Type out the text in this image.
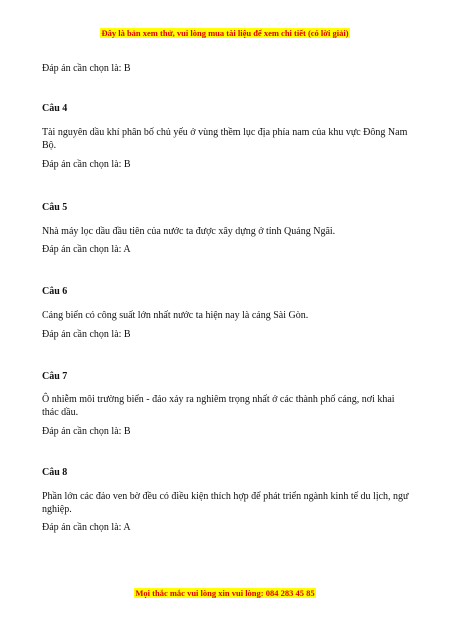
Đây là bản xem thử, vui lòng mua tài liệu để xem chi tiết (có lời giải)
Đáp án cần chọn là: B
Câu 4
Tài nguyên dầu khí phân bố chủ yếu ở vùng thềm lục địa phía nam của khu vực Đông Nam Bộ.
Đáp án cần chọn là: B
Câu 5
Nhà máy lọc dầu đầu tiên của nước ta được xây dựng ở tỉnh Quảng Ngãi.
Đáp án cần chọn là: A
Câu 6
Cảng biển có công suất lớn nhất nước ta hiện nay là cảng Sài Gòn.
Đáp án cần chọn là: B
Câu 7
Ô nhiễm môi trường biển - đảo xảy ra nghiêm trọng nhất ở các thành phố cảng, nơi khai thác dầu.
Đáp án cần chọn là: B
Câu 8
Phần lớn các đảo ven bờ đều có điều kiện thích hợp để phát triển ngành kinh tế du lịch, ngư nghiệp.
Đáp án cần chọn là: A
Mọi thắc mắc vui lòng xin vui lòng: 084 283 45 85
